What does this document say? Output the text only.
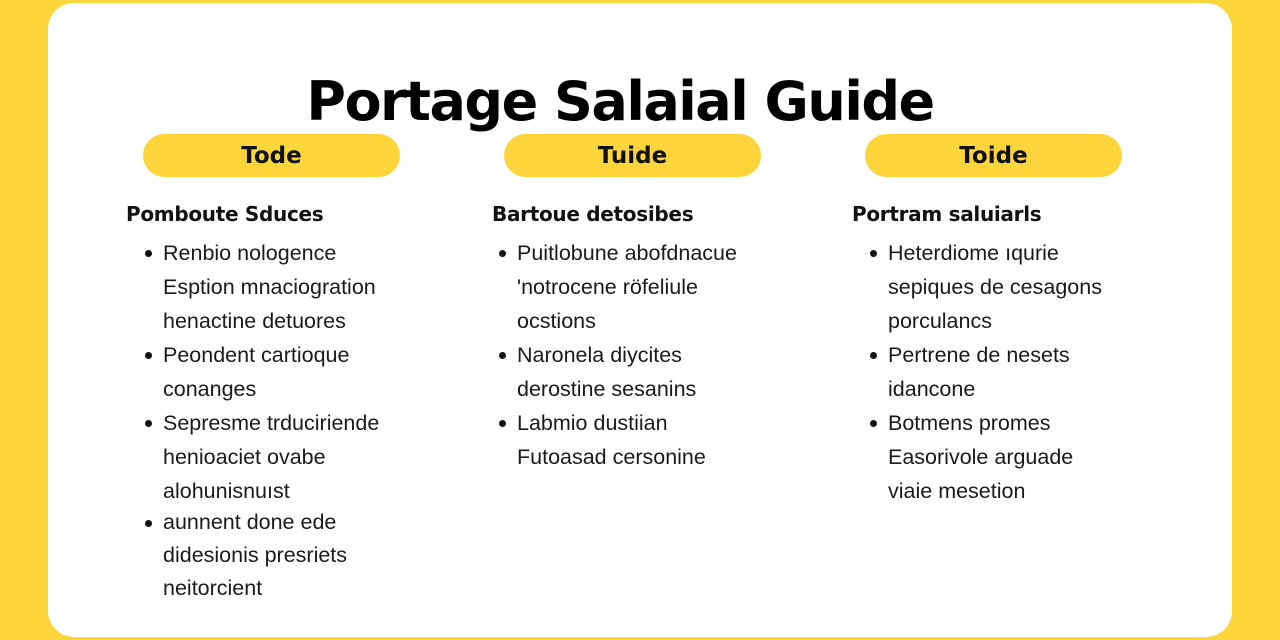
Portage Salaial Guide
Tode
Pomboute Sduces
Renbio nologence
Esption mnaciogration
henactine detuores
Peondent cartioque
conanges
Sepresme trduciriende
henioaciet ovabe
alohunisnuıst
aunnent done ede
didesionis presriets
neitorcient
Tuide
Bartoue detosibes
Puitlobune abofdnacue
'notrocene röfeliule
ocstions
Naronela diycites
derostine sesanins
Labmio dustiian
Futoasad cersonine
Toide
Portram saluiarls
Heterdiome ıqurie
sepiques de cesagons
porculancs
Pertrene de nesets
idancone
Botmens promes
Easorivole arguade
viaie mesetion
